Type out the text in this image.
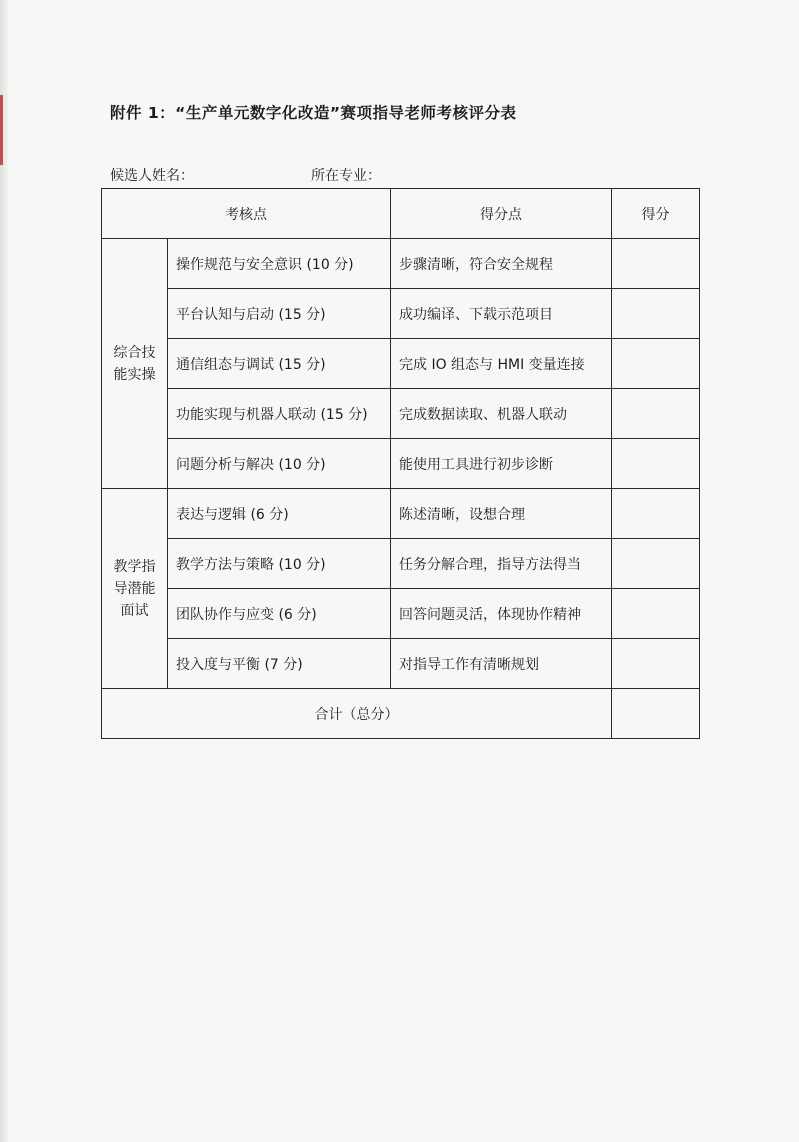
附件 1：“生产单元数字化改造”赛项指导老师考核评分表
候选人姓名：	所在专业：
考核点		得分点	得分
综合技能实操	操作规范与安全意识 (10 分)	步骤清晰，符合安全规程	
	平台认知与启动 (15 分)	成功编译、下载示范项目	
	通信组态与调试 (15 分)	完成 IO 组态与 HMI 变量连接	
	功能实现与机器人联动 (15 分)	完成数据读取、机器人联动	
	问题分析与解决 (10 分)	能使用工具进行初步诊断	
教学指导潜能面试	表达与逻辑 (6 分)	陈述清晰，设想合理	
	教学方法与策略 (10 分)	任务分解合理，指导方法得当	
	团队协作与应变 (6 分)	回答问题灵活，体现协作精神	
	投入度与平衡 (7 分)	对指导工作有清晰规划	
合计（总分）			
